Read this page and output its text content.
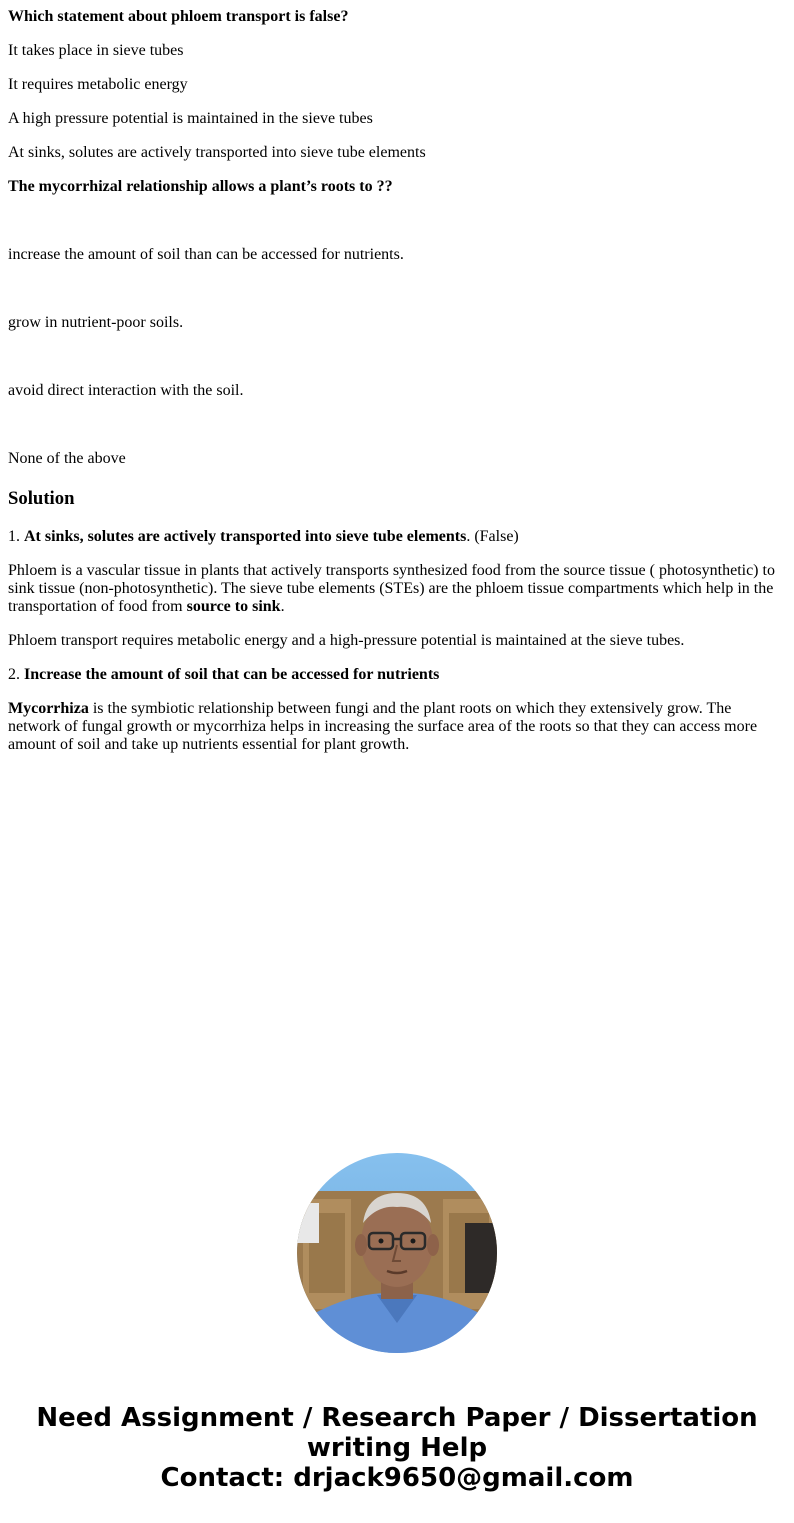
Which statement about phloem transport is false?

It takes place in sieve tubes

It requires metabolic energy

A high pressure potential is maintained in the sieve tubes

At sinks, solutes are actively transported into sieve tube elements

The mycorrhizal relationship allows a plant’s roots to ??

increase the amount of soil than can be accessed for nutrients.

grow in nutrient-poor soils.

avoid direct interaction with the soil.

None of the above

Solution

1. At sinks, solutes are actively transported into sieve tube elements. (False)

Phloem is a vascular tissue in plants that actively transports synthesized food from the source tissue ( photosynthetic) to sink tissue (non-photosynthetic). The sieve tube elements (STEs) are the phloem tissue compartments which help in the transportation of food from source to sink.

Phloem transport requires metabolic energy and a high-pressure potential is maintained at the sieve tubes.

2. Increase the amount of soil that can be accessed for nutrients

Mycorrhiza is the symbiotic relationship between fungi and the plant roots on which they extensively grow. The network of fungal growth or mycorrhiza helps in increasing the surface area of the roots so that they can access more amount of soil and take up nutrients essential for plant growth.

Need Assignment / Research Paper / Dissertation
writing Help
Contact: drjack9650@gmail.com
